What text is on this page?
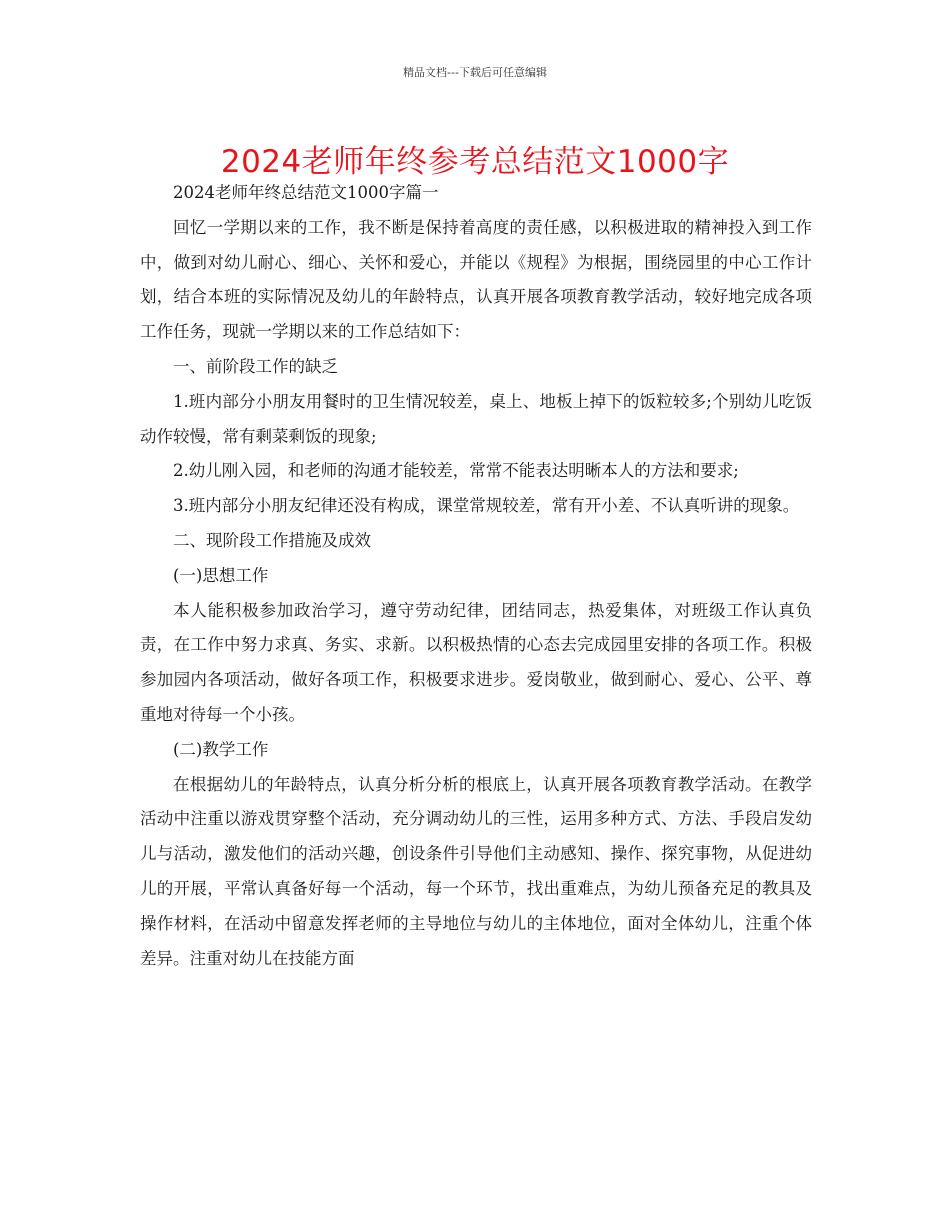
精品文档---下载后可任意编辑
2024老师年终参考总结范文1000字

2024老师年终总结范文1000字篇一

回忆一学期以来的工作，我不断是保持着高度的责任感，以积极进取的精神投入到工作中，做到对幼儿耐心、细心、关怀和爱心，并能以《规程》为根据，围绕园里的中心工作计划，结合本班的实际情况及幼儿的年龄特点，认真开展各项教育教学活动，较好地完成各项工作任务，现就一学期以来的工作总结如下：

一、前阶段工作的缺乏

1.班内部分小朋友用餐时的卫生情况较差，桌上、地板上掉下的饭粒较多;个别幼儿吃饭动作较慢，常有剩菜剩饭的现象;

2.幼儿刚入园，和老师的沟通才能较差，常常不能表达明晰本人的方法和要求;

3.班内部分小朋友纪律还没有构成，课堂常规较差，常有开小差、不认真听讲的现象。

二、现阶段工作措施及成效

(一)思想工作

本人能积极参加政治学习，遵守劳动纪律，团结同志，热爱集体，对班级工作认真负责，在工作中努力求真、务实、求新。以积极热情的心态去完成园里安排的各项工作。积极参加园内各项活动，做好各项工作，积极要求进步。爱岗敬业，做到耐心、爱心、公平、尊重地对待每一个小孩。

(二)教学工作

在根据幼儿的年龄特点，认真分析分析的根底上，认真开展各项教育教学活动。在教学活动中注重以游戏贯穿整个活动，充分调动幼儿的三性，运用多种方式、方法、手段启发幼儿与活动，激发他们的活动兴趣，创设条件引导他们主动感知、操作、探究事物，从促进幼儿的开展，平常认真备好每一个活动，每一个环节，找出重难点，为幼儿预备充足的教具及操作材料，在活动中留意发挥老师的主导地位与幼儿的主体地位，面对全体幼儿，注重个体差异。注重对幼儿在技能方面
